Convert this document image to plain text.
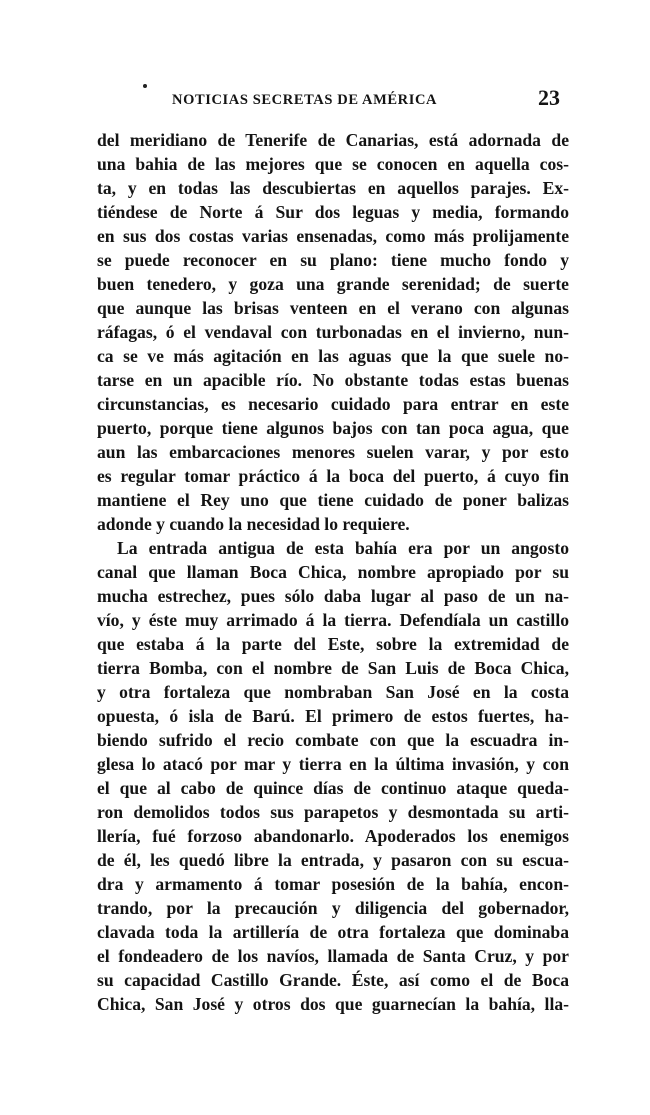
NOTICIAS SECRETAS DE AMÉRICA	23
del meridiano de Tenerife de Canarias, está adornada de
una bahia de las mejores que se conocen en aquella cos-
ta, y en todas las descubiertas en aquellos parajes. Ex-
tiéndese de Norte á Sur dos leguas y media, formando
en sus dos costas varias ensenadas, como más prolijamente
se puede reconocer en su plano: tiene mucho fondo y
buen tenedero, y goza una grande serenidad; de suerte
que aunque las brisas venteen en el verano con algunas
ráfagas, ó el vendaval con turbonadas en el invierno, nun-
ca se ve más agitación en las aguas que la que suele no-
tarse en un apacible río. No obstante todas estas buenas
circunstancias, es necesario cuidado para entrar en este
puerto, porque tiene algunos bajos con tan poca agua, que
aun las embarcaciones menores suelen varar, y por esto
es regular tomar práctico á la boca del puerto, á cuyo fin
mantiene el Rey uno que tiene cuidado de poner balizas
adonde y cuando la necesidad lo requiere.
La entrada antigua de esta bahía era por un angosto
canal que llaman Boca Chica, nombre apropiado por su
mucha estrechez, pues sólo daba lugar al paso de un na-
vío, y éste muy arrimado á la tierra. Defendíala un castillo
que estaba á la parte del Este, sobre la extremidad de
tierra Bomba, con el nombre de San Luis de Boca Chica,
y otra fortaleza que nombraban San José en la costa
opuesta, ó isla de Barú. El primero de estos fuertes, ha-
biendo sufrido el recio combate con que la escuadra in-
glesa lo atacó por mar y tierra en la última invasión, y con
el que al cabo de quince días de continuo ataque queda-
ron demolidos todos sus parapetos y desmontada su arti-
llería, fué forzoso abandonarlo. Apoderados los enemigos
de él, les quedó libre la entrada, y pasaron con su escua-
dra y armamento á tomar posesión de la bahía, encon-
trando, por la precaución y diligencia del gobernador,
clavada toda la artillería de otra fortaleza que dominaba
el fondeadero de los navíos, llamada de Santa Cruz, y por
su capacidad Castillo Grande. Éste, así como el de Boca
Chica, San José y otros dos que guarnecían la bahía, lla-
